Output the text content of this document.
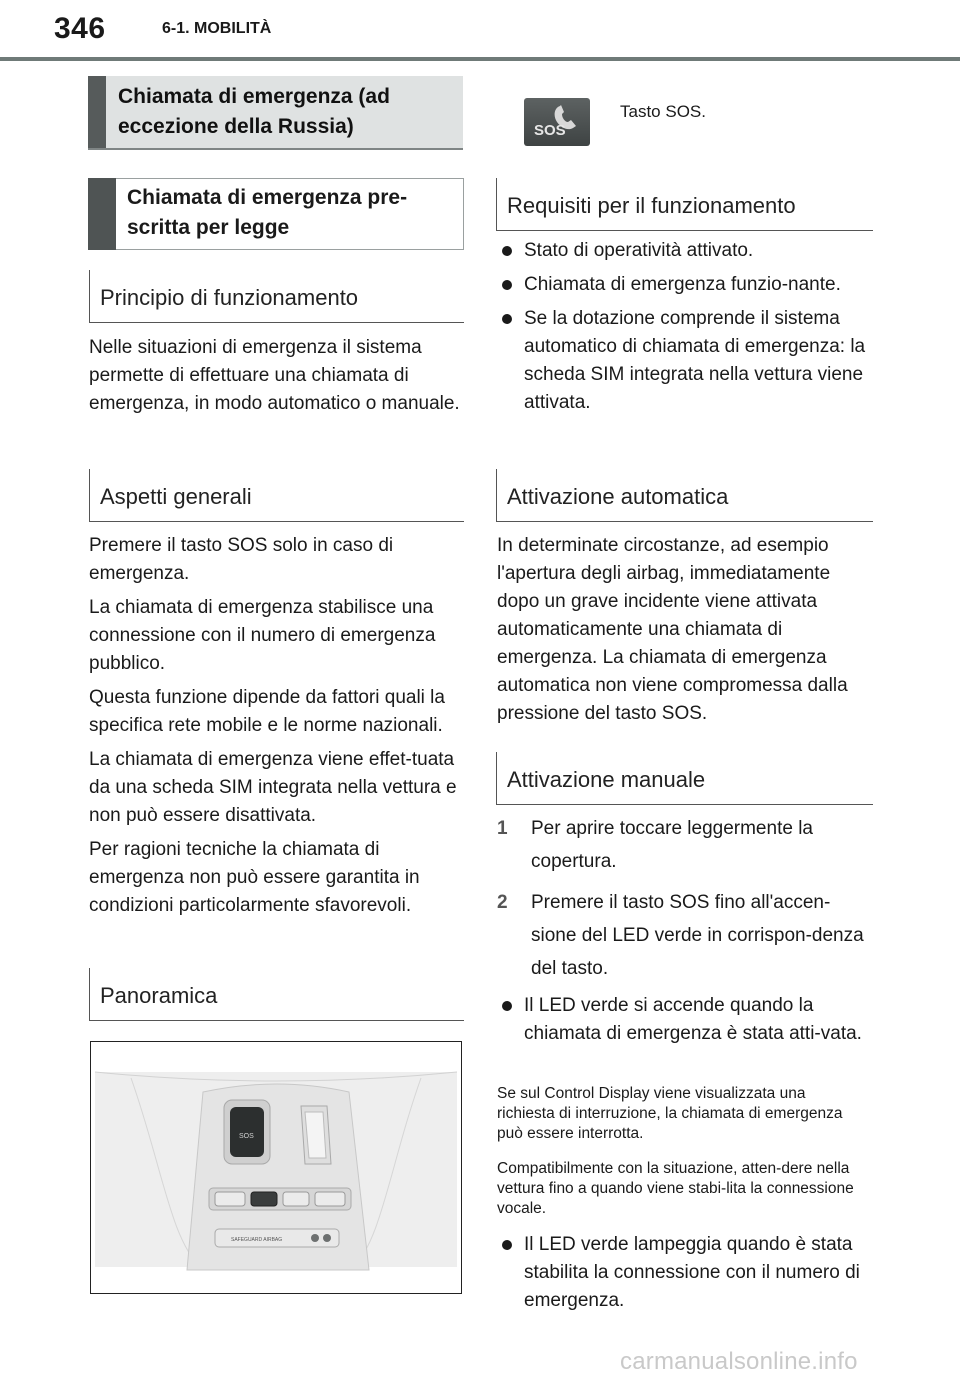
346	6-1. MOBILITÀ
Chiamata di emergenza (ad eccezione della Russia)
Chiamata di emergenza pre-scritta per legge
Principio di funzionamento

Nelle situazioni di emergenza il sistema permette di effettuare una chiamata di emergenza, in modo automatico o manuale.

Aspetti generali

Premere il tasto SOS solo in caso di emergenza.

La chiamata di emergenza stabilisce una connessione con il numero di emergenza pubblico.

Questa funzione dipende da fattori quali la specifica rete mobile e le norme nazionali.

La chiamata di emergenza viene effet-tuata da una scheda SIM integrata nella vettura e non può essere disattivata.

Per ragioni tecniche la chiamata di emergenza non può essere garantita in condizioni particolarmente sfavorevoli.

Panoramica
SOS
SAFEGUARD AIRBAG
SOS
Tasto SOS.
Requisiti per il funzionamento
Stato di operatività attivato.
Chiamata di emergenza funzio-nante.
Se la dotazione comprende il sistema automatico di chiamata di emergenza: la scheda SIM integrata nella vettura viene attivata.
Attivazione automatica

In determinate circostanze, ad esempio l'apertura degli airbag, immediatamente dopo un grave incidente viene attivata automaticamente una chiamata di emergenza. La chiamata di emergenza automatica non viene compromessa dalla pressione del tasto SOS.

Attivazione manuale
1 Per aprire toccare leggermente la copertura.
2 Premere il tasto SOS fino all'accen-sione del LED verde in corrispon-denza del tasto.
Il LED verde si accende quando la chiamata di emergenza è stata atti-vata.

Se sul Control Display viene visualizzata una richiesta di interruzione, la chiamata di emergenza può essere interrotta.

Compatibilmente con la situazione, atten-dere nella vettura fino a quando viene stabi-lita la connessione vocale.

Il LED verde lampeggia quando è stata stabilita la connessione con il numero di emergenza.
carmanualsonline.info
